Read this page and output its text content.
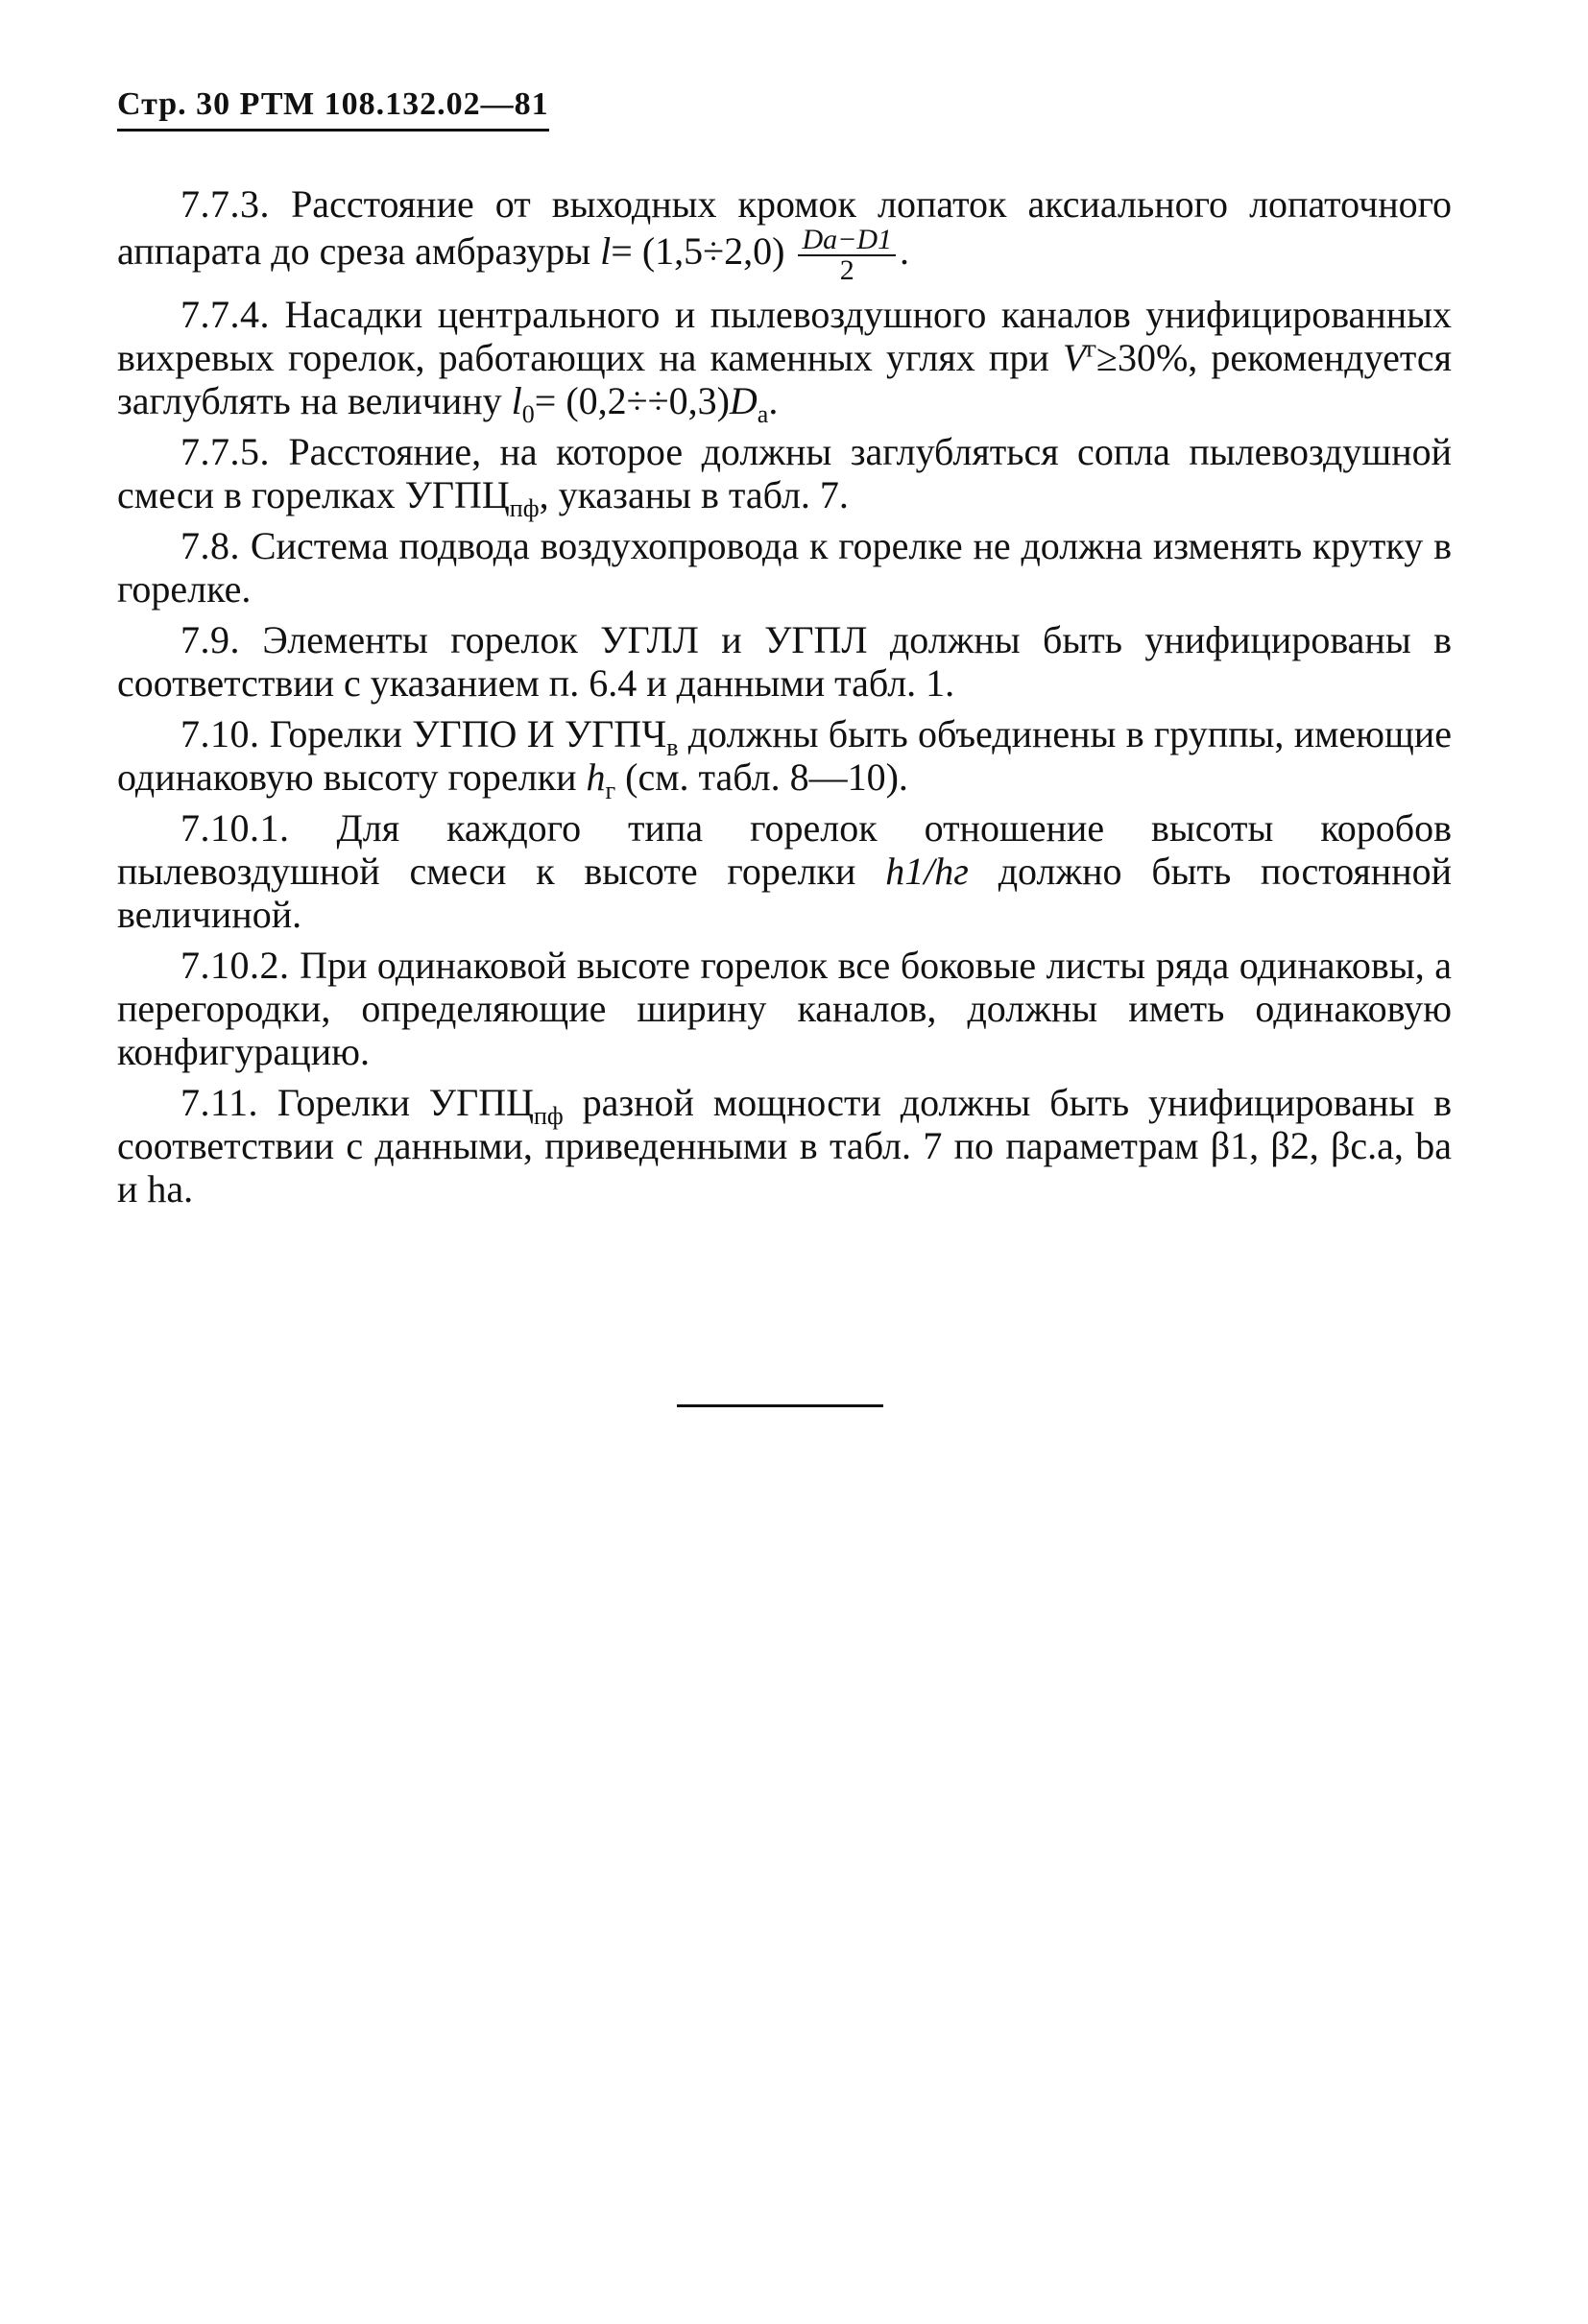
Стр. 30 РТМ 108.132.02—81

7.7.3. Расстояние от выходных кромок лопаток аксиального лопаточного аппарата до среза амбразуры $l= (1,5\div 2,0) \frac{Dа-D1}{2}$ .

7.7.4. Насадки центрального и пылевоздушного каналов унифицированных вихревых горелок, работающих на каменных углях при $V^г\ge 30\%$, рекомендуется заглублять на величину $l_0= (0,2\div\div 0,3)D_а$.

7.7.5. Расстояние, на которое должны заглубляться сопла пылевоздушной смеси в горелках $УГПЦ_{пф}$, указаны в табл. 7.

7.8. Система подвода воздухопровода к горелке не должна изменять крутку в горелке.

7.9. Элементы горелок УГЛЛ и УГПЛ должны быть унифицированы в соответствии с указанием п. 6.4 и данными табл. 1.

7.10. Горелки УГПО И $УГПЧ_в$ должны быть объединены в группы, имеющие одинаковую высоту горелки $h_г$ (см. табл. 8—10).

7.10.1. Для каждого типа горелок отношение высоты коробов пылевоздушной смеси к высоте горелки h1/hг должно быть постоянной величиной.

7.10.2. При одинаковой высоте горелок все боковые листы ряда одинаковы, а перегородки, определяющие ширину каналов, должны иметь одинаковую конфигурацию.

7.11. Горелки $УГПЦ_{пф}$ разной мощности должны быть унифицированы в соответствии с данными, приведенными в табл. 7 по параметрам β1, β2, βс.а, bа и hа.
